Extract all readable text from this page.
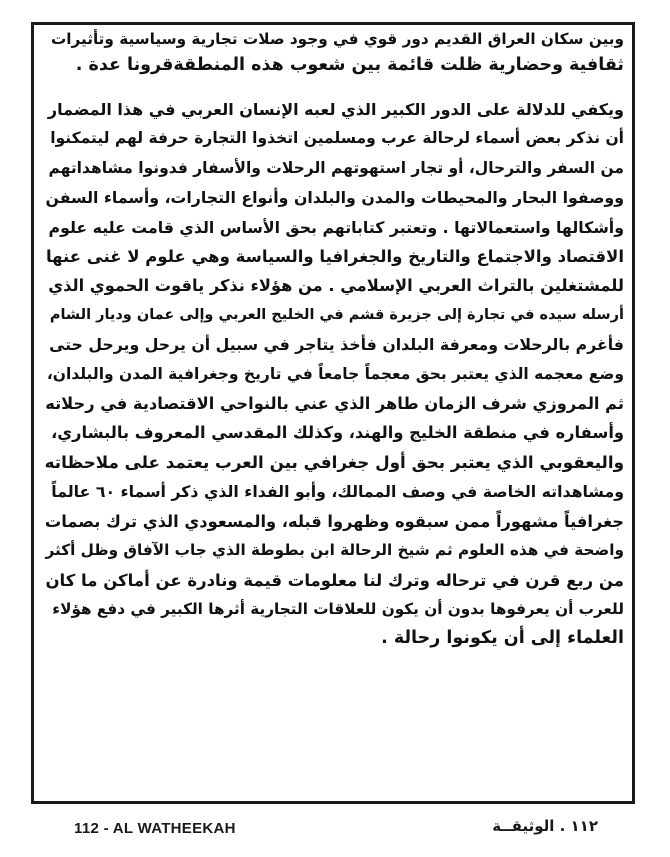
وبين سكان العراق القديم دور قوي في وجود صلات تجارية وسياسية وتأثيرات
ثقافية وحضارية ظلت قائمة بين شعوب هذه المنطقةقرونا عدة .
ويكفي للدلالة على الدور الكبير الذي لعبه الإنسان العربي في هذا المضمار
أن نذكر بعض أسماء لرحالة عرب ومسلمين اتخذوا التجارة حرفة لهم ليتمكنوا
من السفر والترحال، أو تجار استهوتهم الرحلات والأسفار فدونوا مشاهداتهم
ووصفوا البحار والمحيطات والمدن والبلدان وأنواع التجارات، وأسماء السفن
وأشكالها واستعمالاتها . وتعتبر كتاباتهم بحق الأساس الذي قامت عليه علوم
الاقتصاد والاجتماع والتاريخ والجغرافيا والسياسة وهي علوم لا غنى عنها
للمشتغلين بالتراث العربي الإسلامي . من هؤلاء نذكر ياقوت الحموي الذي
أرسله سيده في تجارة إلى جزيرة قشم في الخليج العربي وإلى عمان وديار الشام
فأغرم بالرحلات ومعرفة البلدان فأخذ يتاجر في سبيل أن يرحل ويرحل حتى
وضع معجمه الذي يعتبر بحق معجماً جامعاً في تاريخ وجغرافية المدن والبلدان،
ثم المروزي شرف الزمان طاهر الذي عني بالنواحي الاقتصادية في رحلاته
وأسفاره في منطقة الخليج والهند، وكذلك المقدسي المعروف بالبشاري،
واليعقوبي الذي يعتبر بحق أول جغرافي بين العرب يعتمد على ملاحظاته
ومشاهداته الخاصة في وصف الممالك، وأبو الفداء الذي ذكر أسماء ٦٠ عالماً
جغرافياً مشهوراً ممن سبقوه وظهروا قبله، والمسعودي الذي ترك بصمات
واضحة في هذه العلوم ثم شيخ الرحالة ابن بطوطة الذي جاب الآفاق وظل أكثر
من ربع قرن في ترحاله وترك لنا معلومات قيمة ونادرة عن أماكن ما كان
للعرب أن يعرفوها بدون أن يكون للعلاقات التجارية أثرها الكبير في دفع هؤلاء
العلماء إلى أن يكونوا رحالة .
112 - AL WATHEEKAH	١١٢ . الوثيقــة
